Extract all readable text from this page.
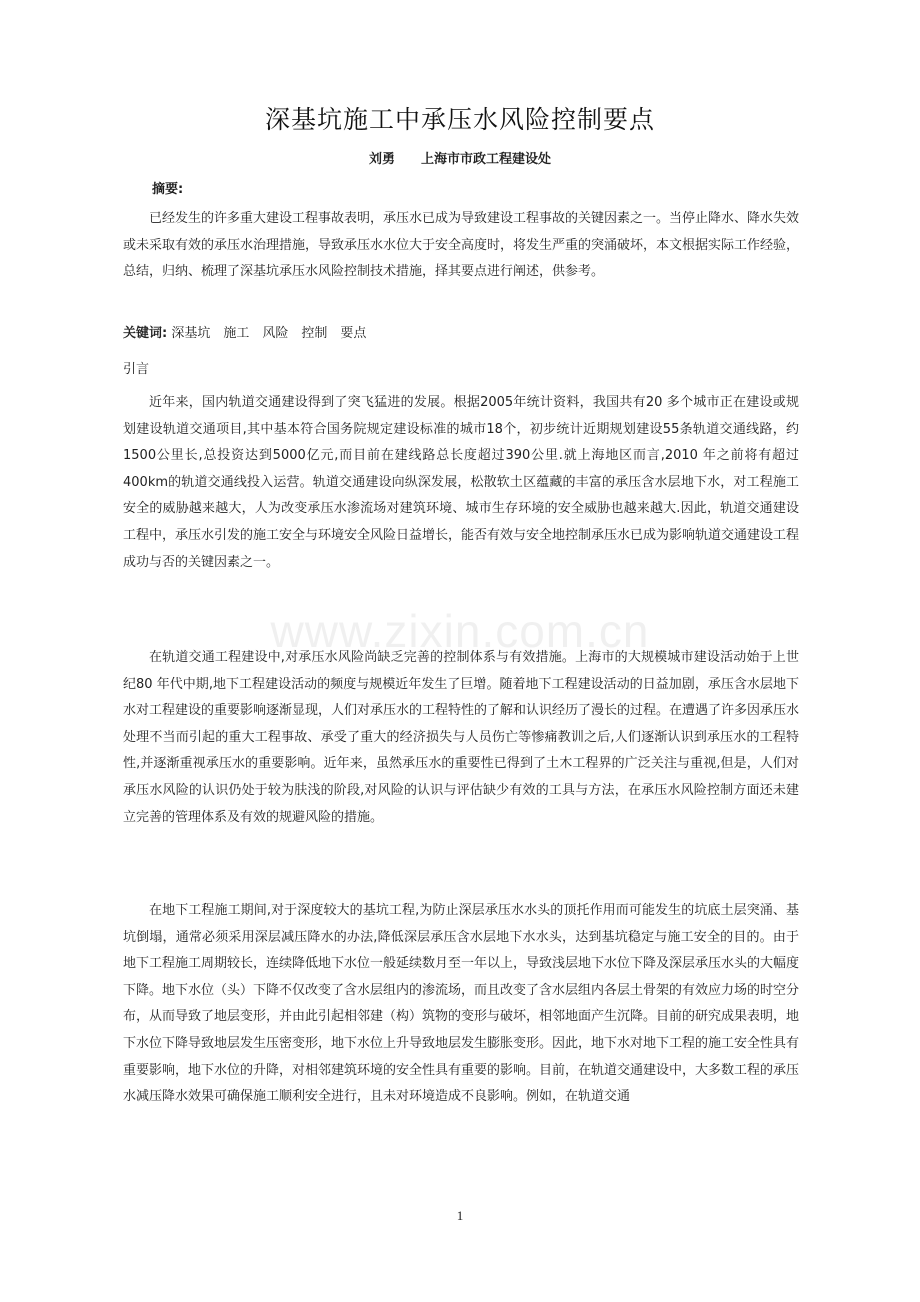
深基坑施工中承压水风险控制要点
刘勇 上海市市政工程建设处
摘要:
已经发生的许多重大建设工程事故表明，承压水已成为导致建设工程事故的关键因素之一。当停止降水、降水失效或未采取有效的承压水治理措施，导致承压水水位大于安全高度时，将发生严重的突涌破坏，本文根据实际工作经验，总结，归纳、梳理了深基坑承压水风险控制技术措施，择其要点进行阐述，供参考。
关键词: 深基坑　施工　风险　控制　要点
引言
近年来，国内轨道交通建设得到了突飞猛进的发展。根据2005年统计资料，我国共有20 多个城市正在建设或规划建设轨道交通项目,其中基本符合国务院规定建设标准的城市18个，初步统计近期规划建设55条轨道交通线路，约1500公里长,总投资达到5000亿元,而目前在建线路总长度超过390公里.就上海地区而言,2010 年之前将有超过400km的轨道交通线投入运营。轨道交通建设向纵深发展，松散软土区蕴藏的丰富的承压含水层地下水，对工程施工安全的威胁越来越大，人为改变承压水渗流场对建筑环境、城市生存环境的安全威胁也越来越大.因此，轨道交通建设工程中，承压水引发的施工安全与环境安全风险日益增长，能否有效与安全地控制承压水已成为影响轨道交通建设工程成功与否的关键因素之一。
在轨道交通工程建设中,对承压水风险尚缺乏完善的控制体系与有效措施。上海市的大规模城市建设活动始于上世纪80 年代中期,地下工程建设活动的频度与规模近年发生了巨增。随着地下工程建设活动的日益加剧，承压含水层地下水对工程建设的重要影响逐渐显现，人们对承压水的工程特性的了解和认识经历了漫长的过程。在遭遇了许多因承压水处理不当而引起的重大工程事故、承受了重大的经济损失与人员伤亡等惨痛教训之后,人们逐渐认识到承压水的工程特性,并逐渐重视承压水的重要影响。近年来，虽然承压水的重要性已得到了土木工程界的广泛关注与重视,但是，人们对承压水风险的认识仍处于较为肤浅的阶段,对风险的认识与评估缺少有效的工具与方法，在承压水风险控制方面还未建立完善的管理体系及有效的规避风险的措施。
在地下工程施工期间,对于深度较大的基坑工程,为防止深层承压水水头的顶托作用而可能发生的坑底土层突涌、基坑倒塌，通常必须采用深层减压降水的办法,降低深层承压含水层地下水水头，达到基坑稳定与施工安全的目的。由于地下工程施工周期较长，连续降低地下水位一般延续数月至一年以上，导致浅层地下水位下降及深层承压水头的大幅度下降。地下水位（头）下降不仅改变了含水层组内的渗流场，而且改变了含水层组内各层土骨架的有效应力场的时空分布，从而导致了地层变形，并由此引起相邻建（构）筑物的变形与破坏，相邻地面产生沉降。目前的研究成果表明，地下水位下降导致地层发生压密变形，地下水位上升导致地层发生膨胀变形。因此，地下水对地下工程的施工安全性具有重要影响，地下水位的升降，对相邻建筑环境的安全性具有重要的影响。目前，在轨道交通建设中，大多数工程的承压水减压降水效果可确保施工顺利安全进行，且未对环境造成不良影响。例如，在轨道交通
www.zixin.com.cn
1
